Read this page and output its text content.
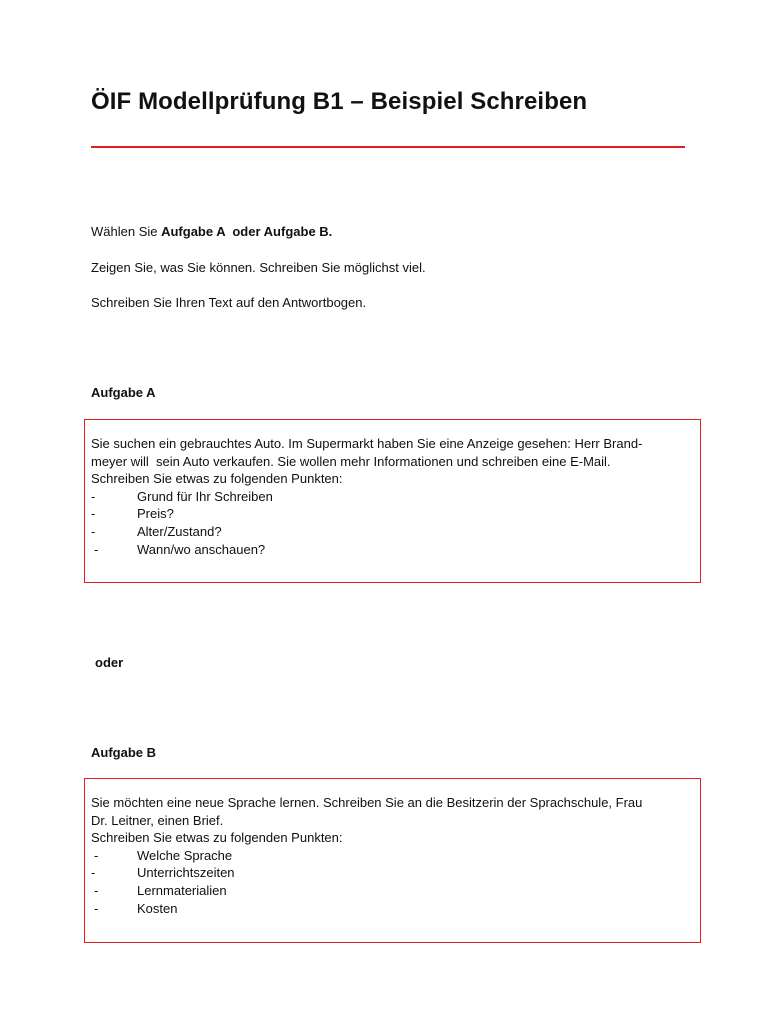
ÖIF Modellprüfung B1 – Beispiel Schreiben
Wählen Sie Aufgabe A  oder Aufgabe B.
Zeigen Sie, was Sie können. Schreiben Sie möglichst viel.
Schreiben Sie Ihren Text auf den Antwortbogen.
Aufgabe A

Sie suchen ein gebrauchtes Auto. Im Supermarkt haben Sie eine Anzeige gesehen: Herr Brand-

meyer will  sein Auto verkaufen. Sie wollen mehr Informationen und schreiben eine E-Mail.

Schreiben Sie etwas zu folgenden Punkten:

-	Grund für Ihr Schreiben
-	Preis?
-	Alter/Zustand?
-	Wann/wo anschauen?
oder
Aufgabe B

Sie möchten eine neue Sprache lernen. Schreiben Sie an die Besitzerin der Sprachschule, Frau

Dr. Leitner, einen Brief.

Schreiben Sie etwas zu folgenden Punkten:

-	Welche Sprache
-	Unterrichtszeiten
-	Lernmaterialien
-	Kosten
